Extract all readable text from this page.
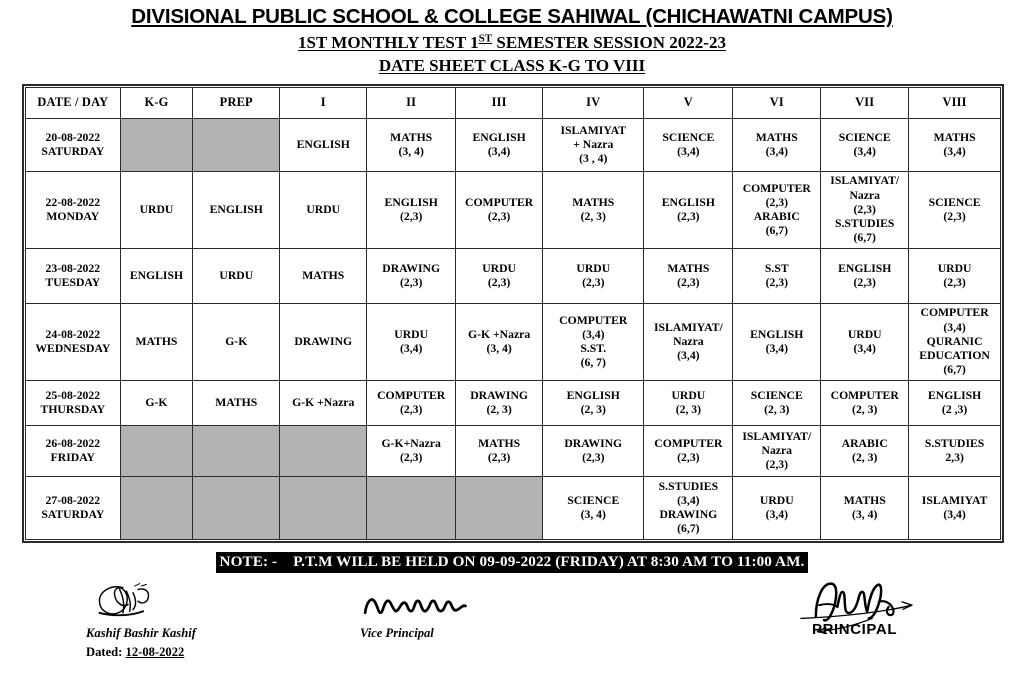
DIVISIONAL PUBLIC SCHOOL & COLLEGE SAHIWAL (CHICHAWATNI CAMPUS)
1ST MONTHLY TEST 1ST SEMESTER SESSION 2022-23
DATE SHEET CLASS K-G TO VIII
DATE / DAY	K-G	PREP	I	II	III	IV	V	VI	VII	VIII

20-08-2022
SATURDAY			ENGLISH	MATHS
(3, 4)	ENGLISH
(3,4)	ISLAMIYAT
+ Nazra
(3 , 4)	SCIENCE
(3,4)	MATHS
(3,4)	SCIENCE
(3,4)	MATHS
(3,4)

22-08-2022
MONDAY	URDU	ENGLISH	URDU	ENGLISH
(2,3)	COMPUTER
(2,3)	MATHS
(2, 3)	ENGLISH
(2,3)	COMPUTER
(2,3)
ARABIC
(6,7)	ISLAMIYAT/
Nazra
(2,3)
S.STUDIES
(6,7)	SCIENCE
(2,3)

23-08-2022
TUESDAY	ENGLISH	URDU	MATHS	DRAWING
(2,3)	URDU
(2,3)	URDU
(2,3)	MATHS
(2,3)	S.ST
(2,3)	ENGLISH
(2,3)	URDU
(2,3)

24-08-2022
WEDNESDAY	MATHS	G-K	DRAWING	URDU
(3,4)	G-K +Nazra
(3, 4)	COMPUTER
(3,4)
S.ST.
(6, 7)	ISLAMIYAT/
Nazra
(3,4)	ENGLISH
(3,4)	URDU
(3,4)	COMPUTER
(3,4)
QURANIC
EDUCATION
(6,7)

25-08-2022
THURSDAY	G-K	MATHS	G-K +Nazra	COMPUTER
(2,3)	DRAWING
(2, 3)	ENGLISH
(2, 3)	URDU
(2, 3)	SCIENCE
(2, 3)	COMPUTER
(2, 3)	ENGLISH
(2 ,3)

26-08-2022
FRIDAY				G-K+Nazra
(2,3)	MATHS
(2,3)	DRAWING
(2,3)	COMPUTER
(2,3)	ISLAMIYAT/
Nazra
(2,3)	ARABIC
(2, 3)	S.STUDIES
2,3)

27-08-2022
SATURDAY						SCIENCE
(3, 4)	S.STUDIES
(3,4)
DRAWING
(6,7)	URDU
(3,4)	MATHS
(3, 4)	ISLAMIYAT
(3,4)
NOTE: - P.T.M WILL BE HELD ON 09-09-2022 (FRIDAY) AT 8:30 AM TO 11:00 AM.
Kashif Bashir Kashif
Dated: 12-08-2022
Vice Principal	PRINCIPAL
